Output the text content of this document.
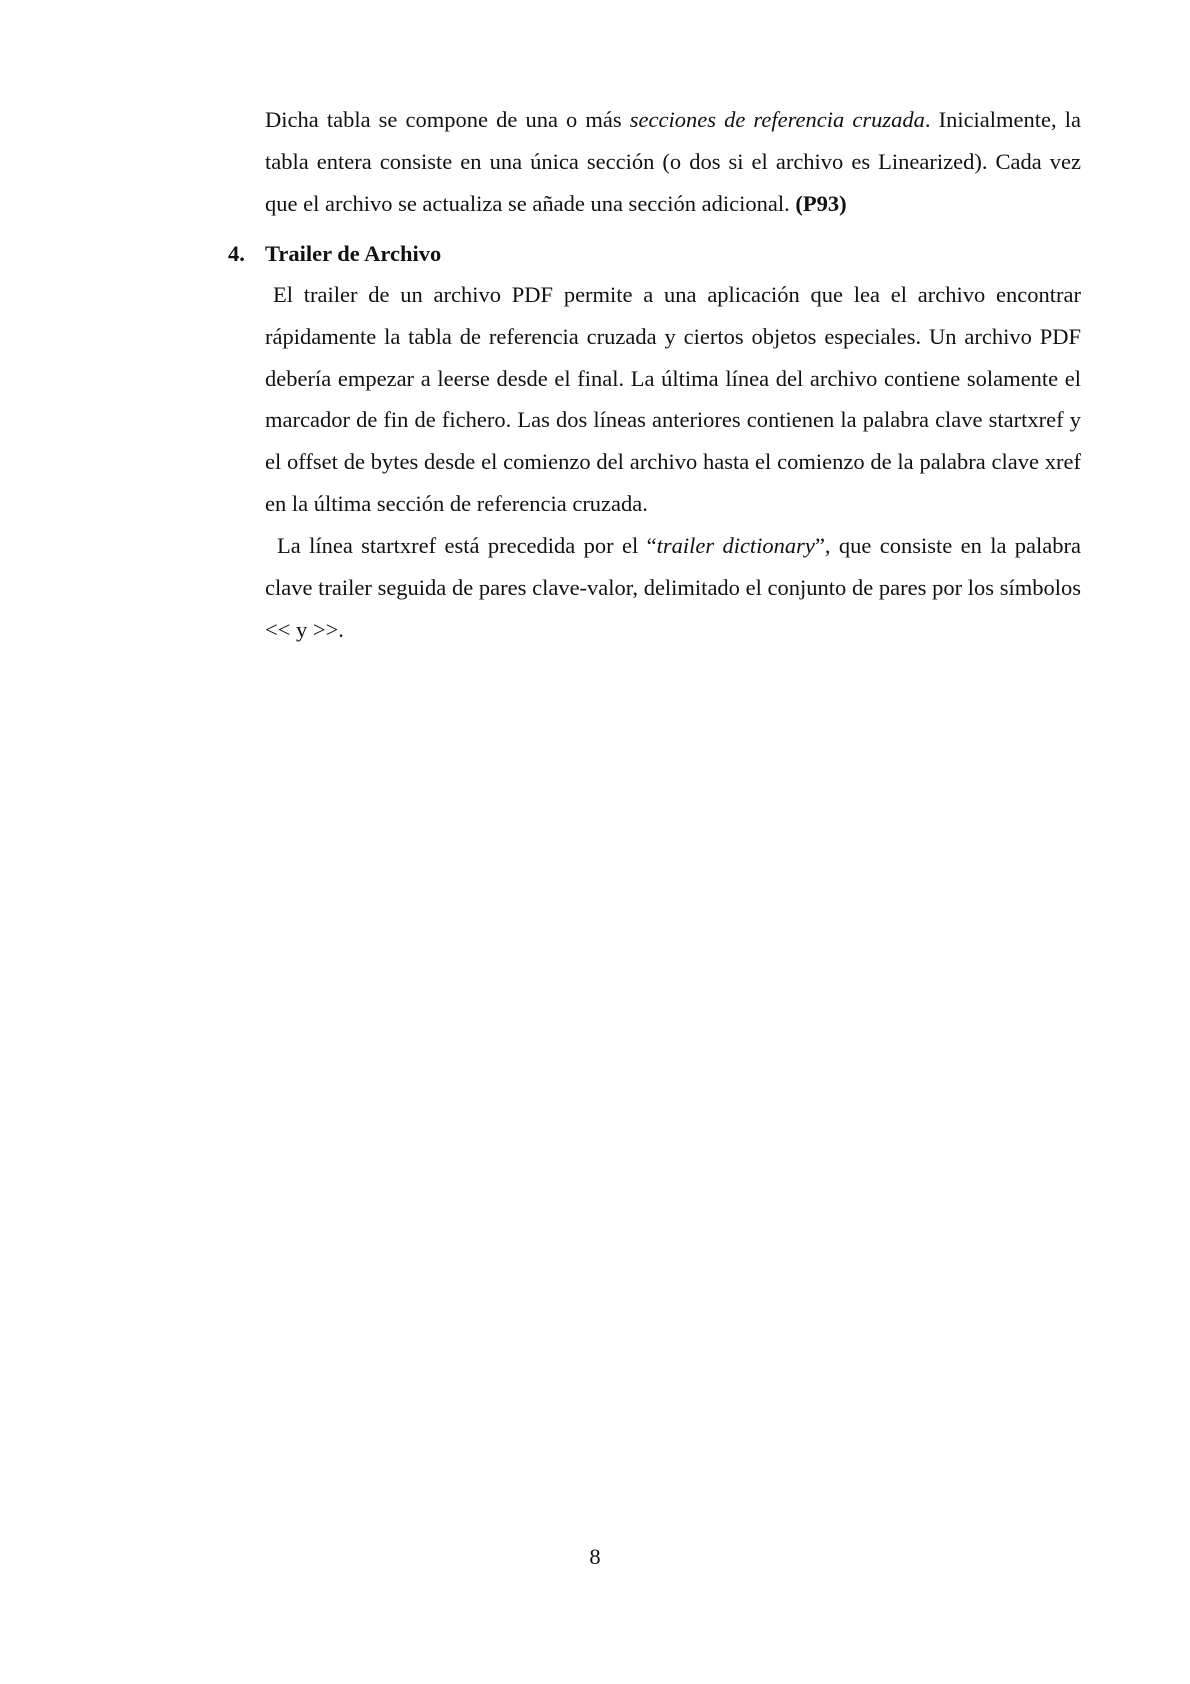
Dicha tabla se compone de una o más secciones de referencia cruzada. Inicialmente, la tabla entera consiste en una única sección (o dos si el archivo es Linearized). Cada vez que el archivo se actualiza se añade una sección adicional. (P93)

4. Trailer de Archivo

El trailer de un archivo PDF permite a una aplicación que lea el archivo encontrar rápidamente la tabla de referencia cruzada y ciertos objetos especiales. Un archivo PDF debería empezar a leerse desde el final. La última línea del archivo contiene solamente el marcador de fin de fichero. Las dos líneas anteriores contienen la palabra clave startxref y el offset de bytes desde el comienzo del archivo hasta el comienzo de la palabra clave xref en la última sección de referencia cruzada.

La línea startxref está precedida por el “trailer dictionary”, que consiste en la palabra clave trailer seguida de pares clave-valor, delimitado el conjunto de pares por los símbolos << y >>.

8
